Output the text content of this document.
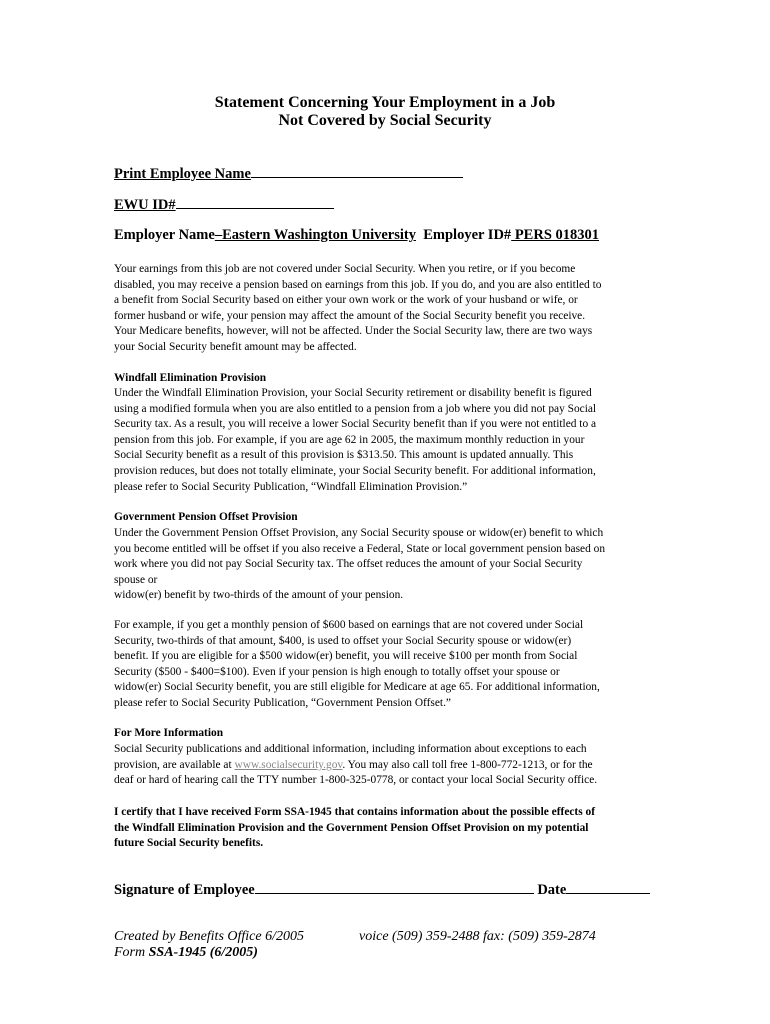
Statement Concerning Your Employment in a Job
Not Covered by Social Security
Print Employee Name
EWU ID#
Employer Name–Eastern Washington University Employer ID# PERS 018301
Your earnings from this job are not covered under Social Security. When you retire, or if you become
disabled, you may receive a pension based on earnings from this job. If you do, and you are also entitled to
a benefit from Social Security based on either your own work or the work of your husband or wife, or
former husband or wife, your pension may affect the amount of the Social Security benefit you receive.
Your Medicare benefits, however, will not be affected. Under the Social Security law, there are two ways
your Social Security benefit amount may be affected.
Windfall Elimination Provision
Under the Windfall Elimination Provision, your Social Security retirement or disability benefit is figured
using a modified formula when you are also entitled to a pension from a job where you did not pay Social
Security tax. As a result, you will receive a lower Social Security benefit than if you were not entitled to a
pension from this job. For example, if you are age 62 in 2005, the maximum monthly reduction in your
Social Security benefit as a result of this provision is $313.50. This amount is updated annually. This
provision reduces, but does not totally eliminate, your Social Security benefit. For additional information,
please refer to Social Security Publication, “Windfall Elimination Provision.”
Government Pension Offset Provision
Under the Government Pension Offset Provision, any Social Security spouse or widow(er) benefit to which
you become entitled will be offset if you also receive a Federal, State or local government pension based on
work where you did not pay Social Security tax. The offset reduces the amount of your Social Security
spouse or
widow(er) benefit by two-thirds of the amount of your pension.
For example, if you get a monthly pension of $600 based on earnings that are not covered under Social
Security, two-thirds of that amount, $400, is used to offset your Social Security spouse or widow(er)
benefit. If you are eligible for a $500 widow(er) benefit, you will receive $100 per month from Social
Security ($500 - $400=$100). Even if your pension is high enough to totally offset your spouse or
widow(er) Social Security benefit, you are still eligible for Medicare at age 65. For additional information,
please refer to Social Security Publication, “Government Pension Offset.”
For More Information
Social Security publications and additional information, including information about exceptions to each
provision, are available at www.socialsecurity.gov. You may also call toll free 1-800-772-1213, or for the
deaf or hard of hearing call the TTY number 1-800-325-0778, or contact your local Social Security office.
I certify that I have received Form SSA-1945 that contains information about the possible effects of
the Windfall Elimination Provision and the Government Pension Offset Provision on my potential
future Social Security benefits.
Signature of Employee	Date
Created by Benefits Office 6/2005	voice (509) 359-2488 fax: (509) 359-2874
Form SSA-1945 (6/2005)
